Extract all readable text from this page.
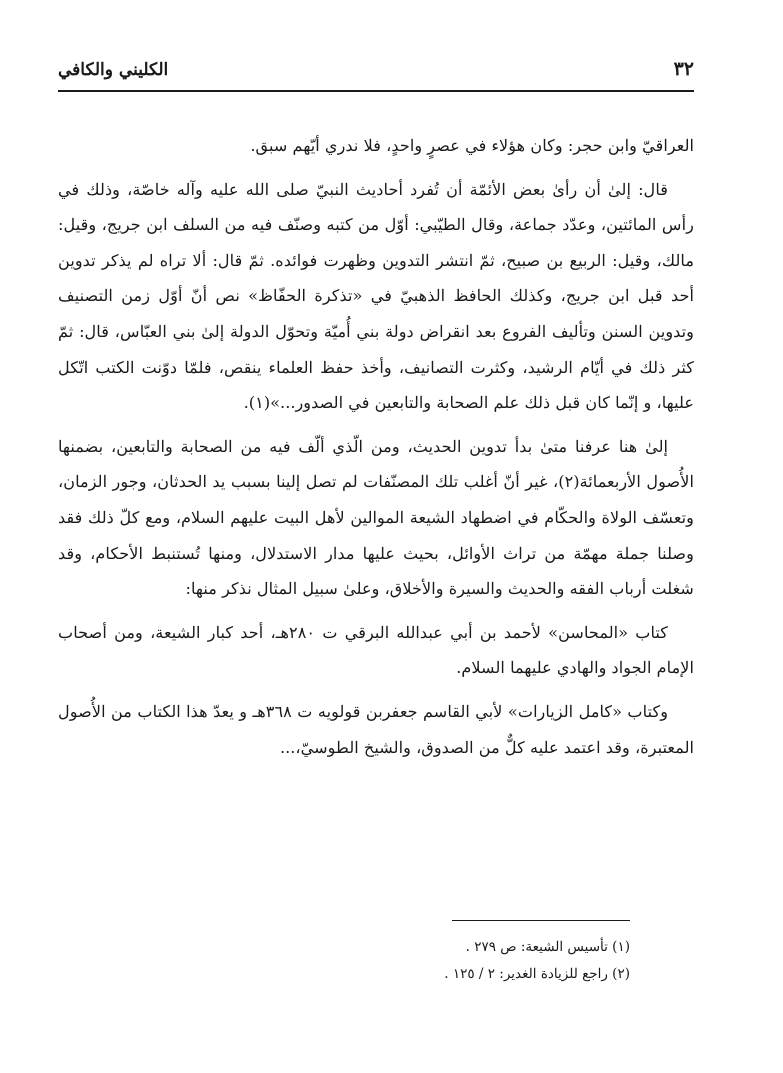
٣٢
الكليني والكافي

العراقيّ وابن حجر: وكان هؤلاء في عصرٍ واحدٍ، فلا ندري أيّهم سبق.

قال: إلىٰ أن رأىٰ بعض الأئمّة أن تُفرد أحاديث النبيّ صلى الله عليه وآله خاصّة، وذلك في رأس المائتين، وعدّد جماعة، وقال الطيّبي: أوّل من كتبه وصنّف فيه من السلف ابن جريج، وقيل: مالك، وقيل: الربيع بن صبيح، ثمّ انتشر التدوين وظهرت فوائده. ثمّ قال: ألا تراه لم يذكر تدوين أحد قبل ابن جريج، وكذلك الحافظ الذهبيّ في «تذكرة الحفّاظ» نص أنّ أوّل زمن التصنيف وتدوين السنن وتأليف الفروع بعد انقراض دولة بني أُميّة وتحوّل الدولة إلىٰ بني العبّاس، قال: ثمّ كثر ذلك في أيّام الرشيد، وكثرت التصانيف، وأخذ حفظ العلماء ينقص، فلمّا دوّنت الكتب اتّكل عليها، و إنّما كان قبل ذلك علم الصحابة والتابعين في الصدور...»(١).

إلىٰ هنا عرفنا متىٰ بدأ تدوين الحديث، ومن الّذي ألّف فيه من الصحابة والتابعين، بضمنها الأُصول الأربعمائة(٢)، غير أنّ أغلب تلك المصنّفات لم تصل إلينا بسبب يد الحدثان، وجور الزمان، وتعسّف الولاة والحكّام في اضطهاد الشيعة الموالين لأهل البيت عليهم السلام، ومع كلّ ذلك فقد وصلنا جملة مهمّة من تراث الأوائل، بحيث عليها مدار الاستدلال، ومنها تُستنبط الأحكام، وقد شغلت أرباب الفقه والحديث والسيرة والأخلاق، وعلىٰ سبيل المثال نذكر منها:

كتاب «المحاسن» لأحمد بن أبي عبدالله البرقي ت ٢٨٠هـ، أحد كبار الشيعة، ومن أصحاب الإمام الجواد والهادي عليهما السلام.

وكتاب «كامل الزيارات» لأبي القاسم جعفربن قولويه ت ٣٦٨هـ و يعدّ هذا الكتاب من الأُصول المعتبرة، وقد اعتمد عليه كلٌّ من الصدوق، والشيخ الطوسيّ،...

(١) تأسيس الشيعة: ص ٢٧٩ .

(٢) راجع للزيادة الغدير: ٢ / ١٢٥ .
